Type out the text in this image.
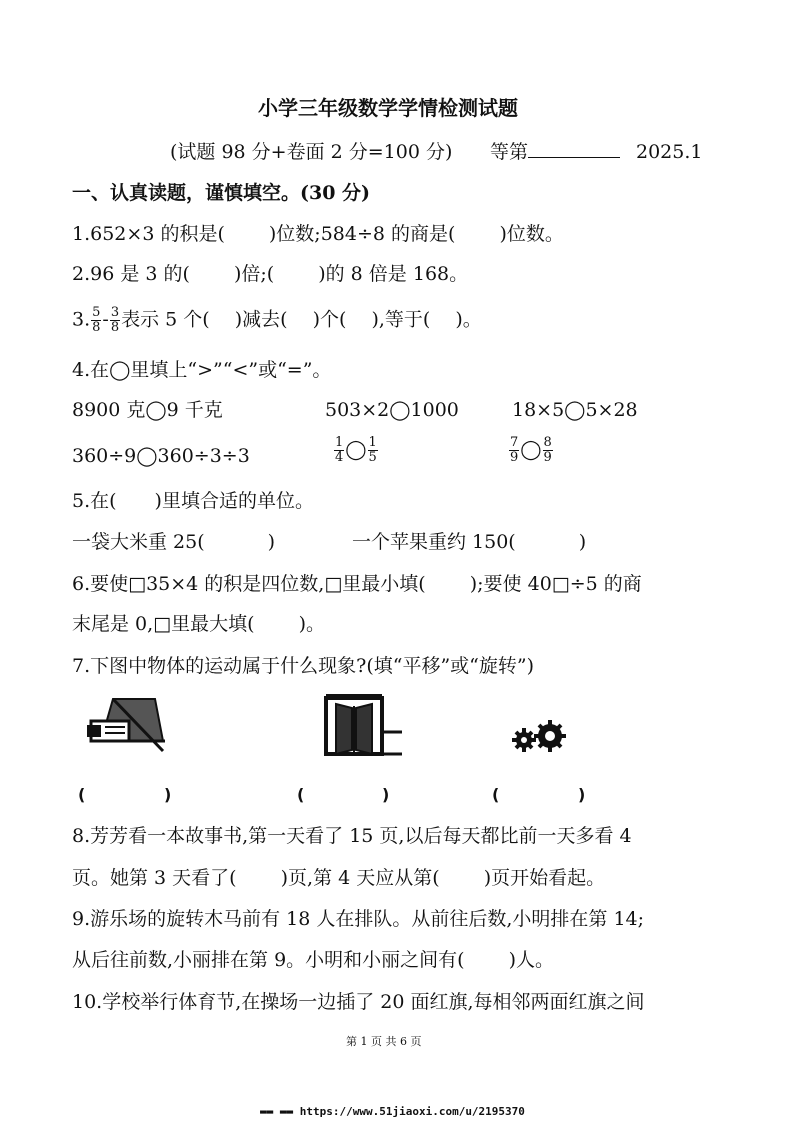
小学三年级数学学情检测试题
(试题 98 分+卷面 2 分=100 分) 等第	2025.1
一、认真读题，谨慎填空。(30 分)
1.652×3 的积是(　　 )位数;584÷8 的商是(　　 )位数。
2.96 是 3 的(　　 )倍;(　　 )的 8 倍是 168。
3. $\frac{5}{8} - \frac{3}{8}$ 表示 5 个(　 )减去(　 )个(　 ),等于(　 )。
4.在◯里填上“>”“<”或“=”。
8900 克◯9 千克	503×2◯1000	18×5◯5×28
360÷9◯360÷3÷3	$\frac{1}{4}$ ◯ $\frac{1}{5}$	$\frac{7}{9}$ ◯ $\frac{8}{9}$
5.在(　　)里填合适的单位。
一袋大米重 25(　　　 )	一个苹果重约 150(　　　 )
6.要使□35×4 的积是四位数,□里最小填(　　 );要使 40□÷5 的商
末尾是 0,□里最大填(　　 )。
7.下图中物体的运动属于什么现象?(填“平移”或“旋转”)
(	)	(	)	(	)
8.芳芳看一本故事书,第一天看了 15 页,以后每天都比前一天多看 4
页。她第 3 天看了(　　 )页,第 4 天应从第(　　 )页开始看起。
9.游乐场的旋转木马前有 18 人在排队。从前往后数,小明排在第 14;
从后往前数,小丽排在第 9。小明和小丽之间有(　　 )人。
10.学校举行体育节,在操场一边插了 20 面红旗,每相邻两面红旗之间
第 1 页 共 6 页
▬▬ ▬▬ https://www.51jiaoxi.com/u/2195370
